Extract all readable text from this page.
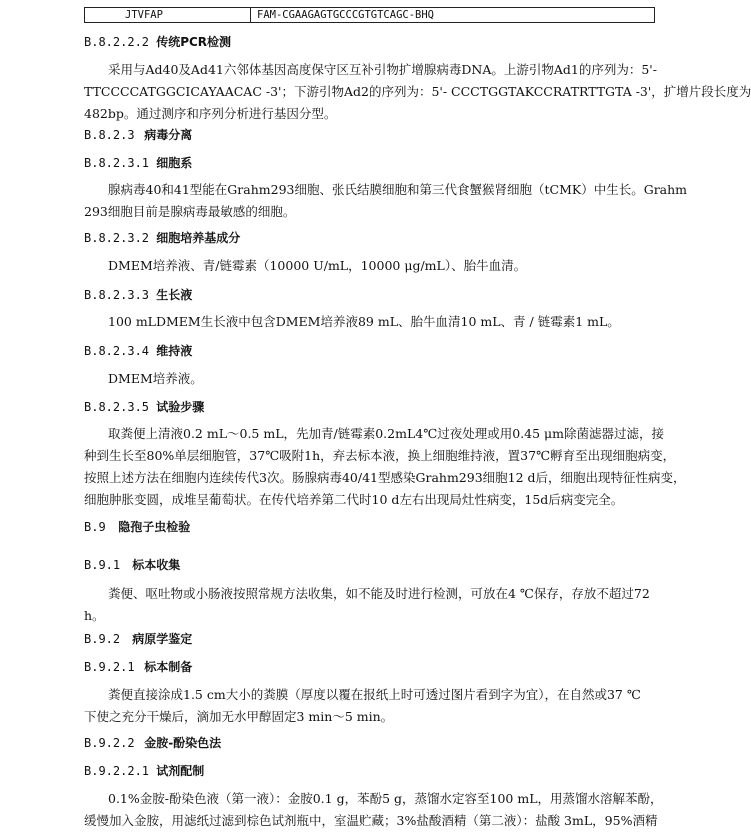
JTVFAP	FAM-CGAAGAGTGCCCGTGTCAGC-BHQ
B.8.2.2.2 传统PCR检测
采用与Ad40及Ad41六邻体基因高度保守区互补引物扩增腺病毒DNA。上游引物Ad1的序列为：5'-
TTCCCCATGGCICAYAACAC -3'；下游引物Ad2的序列为：5'- CCCTGGTAKCCRATRTTGTA -3'，扩增片段长度为
482bp。通过测序和序列分析进行基因分型。
B.8.2.3 病毒分离
B.8.2.3.1 细胞系
腺病毒40和41型能在Grahm293细胞、张氏结膜细胞和第三代食蟹猴肾细胞（tCMK）中生长。Grahm
293细胞目前是腺病毒最敏感的细胞。
B.8.2.3.2 细胞培养基成分
DMEM培养液、青/链霉素（10000 U/mL，10000 μg/mL）、胎牛血清。
B.8.2.3.3 生长液
100 mLDMEM生长液中包含DMEM培养液89 mL、胎牛血清10 mL、青 / 链霉素1 mL。
B.8.2.3.4 维持液
DMEM培养液。
B.8.2.3.5 试验步骤
取粪便上清液0.2 mL～0.5 mL，先加青/链霉素0.2mL4℃过夜处理或用0.45 μm除菌滤器过滤，接
种到生长至80%单层细胞管，37℃吸附1h，弃去标本液，换上细胞维持液，置37℃孵育至出现细胞病变，
按照上述方法在细胞内连续传代3次。肠腺病毒40/41型感染Grahm293细胞12 d后，细胞出现特征性病变，
细胞肿胀变圆，成堆呈葡萄状。在传代培养第二代时10 d左右出现局灶性病变，15d后病变完全。
B.9 隐孢子虫检验
B.9.1 标本收集
粪便、呕吐物或小肠液按照常规方法收集，如不能及时进行检测，可放在4 ℃保存，存放不超过72
h。
B.9.2 病原学鉴定
B.9.2.1 标本制备
粪便直接涂成1.5 cm大小的粪膜（厚度以覆在报纸上时可透过图片看到字为宜），在自然或37 ℃
下使之充分干燥后，滴加无水甲醇固定3 min～5 min。
B.9.2.2 金胺-酚染色法
B.9.2.2.1 试剂配制
0.1%金胺-酚染色液（第一液）：金胺0.1 g，苯酚5 g，蒸馏水定容至100 mL，用蒸馏水溶解苯酚，
缓慢加入金胺，用滤纸过滤到棕色试剂瓶中，室温贮藏；3%盐酸酒精（第二液）：盐酸 3mL，95%酒精
